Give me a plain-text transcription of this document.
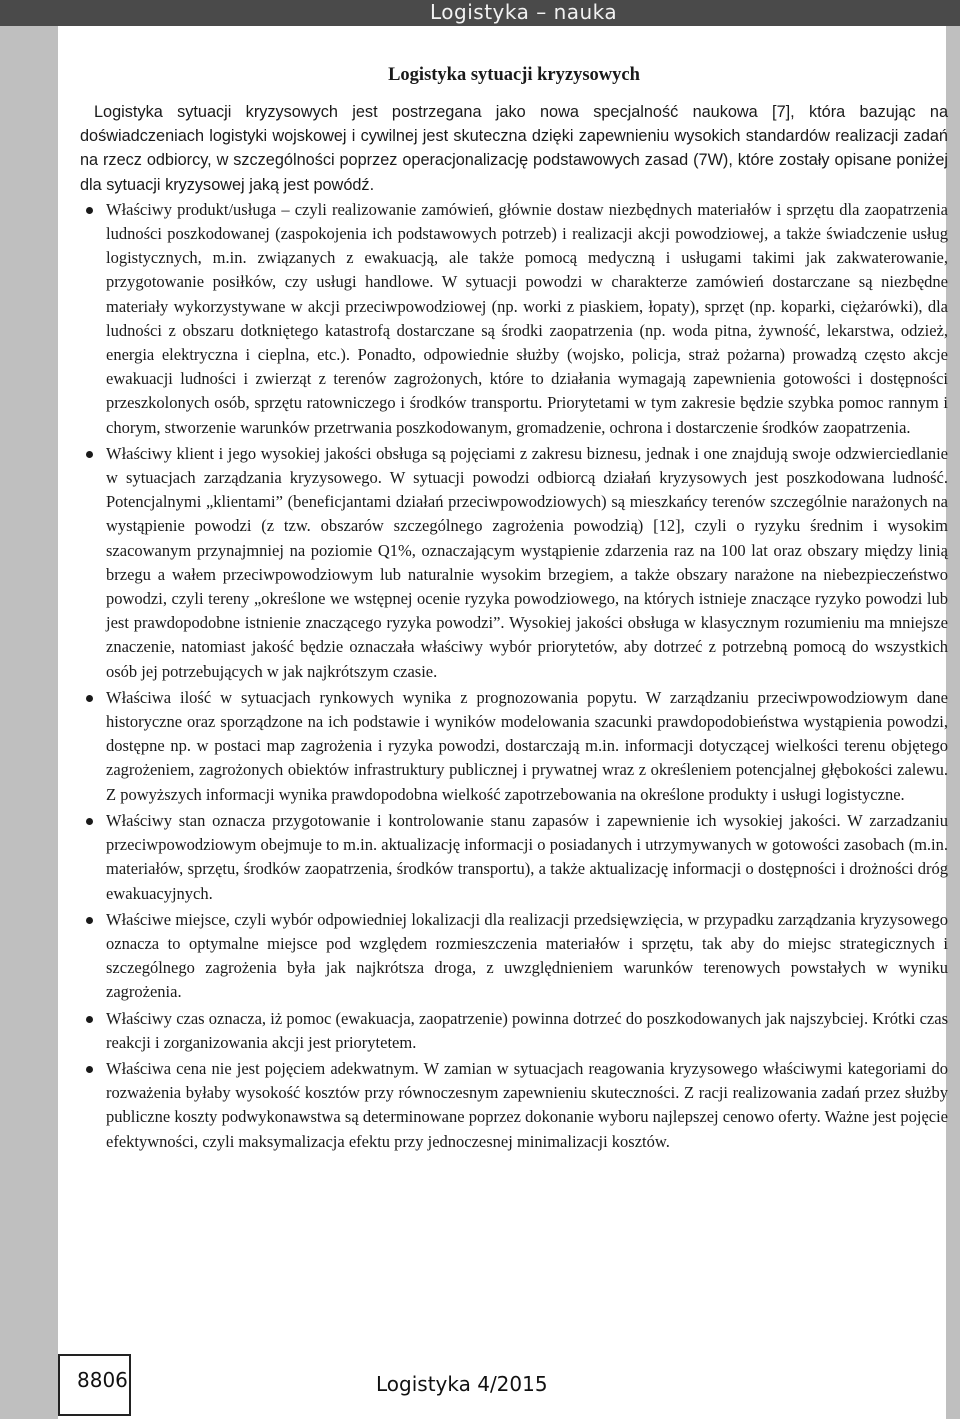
Logistyka – nauka
Logistyka sytuacji kryzysowych

Logistyka sytuacji kryzysowych jest postrzegana jako nowa specjalność naukowa [7], która bazując na doświadczeniach logistyki wojskowej i cywilnej jest skuteczna dzięki zapewnieniu wysokich standardów realizacji zadań na rzecz odbiorcy, w szczególności poprzez operacjonalizację podstawowych zasad (7W), które zostały opisane poniżej dla sytuacji kryzysowej jaką jest powódź.

Właściwy produkt/usługa – czyli realizowanie zamówień, głównie dostaw niezbędnych materiałów i sprzętu dla zaopatrzenia ludności poszkodowanej (zaspokojenia ich podstawowych potrzeb) i realizacji akcji powodziowej, a także świadczenie usług logistycznych, m.in. związanych z ewakuacją, ale także pomocą medyczną i usługami takimi jak zakwaterowanie, przygotowanie posiłków, czy usługi handlowe. W sytuacji powodzi w charakterze zamówień dostarczane są niezbędne materiały wykorzystywane w akcji przeciwpowodziowej (np. worki z piaskiem, łopaty), sprzęt (np. koparki, ciężarówki), dla ludności z obszaru dotkniętego katastrofą dostarczane są środki zaopatrzenia (np. woda pitna, żywność, lekarstwa, odzież, energia elektryczna i cieplna, etc.). Ponadto, odpowiednie służby (wojsko, policja, straż pożarna) prowadzą często akcje ewakuacji ludności i zwierząt z terenów zagrożonych, które to działania wymagają zapewnienia gotowości i dostępności przeszkolonych osób, sprzętu ratowniczego i środków transportu. Priorytetami w tym zakresie będzie szybka pomoc rannym i chorym, stworzenie warunków przetrwania poszkodowanym, gromadzenie, ochrona i dostarczenie środków zaopatrzenia.
Właściwy klient i jego wysokiej jakości obsługa są pojęciami z zakresu biznesu, jednak i one znajdują swoje odzwierciedlanie w sytuacjach zarządzania kryzysowego. W sytuacji powodzi odbiorcą działań kryzysowych jest poszkodowana ludność. Potencjalnymi „klientami” (beneficjantami działań przeciwpowodziowych) są mieszkańcy terenów szczególnie narażonych na wystąpienie powodzi (z tzw. obszarów szczególnego zagrożenia powodzią) [12], czyli o ryzyku średnim i wysokim szacowanym przynajmniej na poziomie Q1%, oznaczającym wystąpienie zdarzenia raz na 100 lat oraz obszary między linią brzegu a wałem przeciwpowodziowym lub naturalnie wysokim brzegiem, a także obszary narażone na niebezpieczeństwo powodzi, czyli tereny „określone we wstępnej ocenie ryzyka powodziowego, na których istnieje znaczące ryzyko powodzi lub jest prawdopodobne istnienie znaczącego ryzyka powodzi”. Wysokiej jakości obsługa w klasycznym rozumieniu ma mniejsze znaczenie, natomiast jakość będzie oznaczała właściwy wybór priorytetów, aby dotrzeć z potrzebną pomocą do wszystkich osób jej potrzebujących w jak najkrótszym czasie.
Właściwa ilość w sytuacjach rynkowych wynika z prognozowania popytu. W zarządzaniu przeciwpowodziowym dane historyczne oraz sporządzone na ich podstawie i wyników modelowania szacunki prawdopodobieństwa wystąpienia powodzi, dostępne np. w postaci map zagrożenia i ryzyka powodzi, dostarczają m.in. informacji dotyczącej wielkości terenu objętego zagrożeniem, zagrożonych obiektów infrastruktury publicznej i prywatnej wraz z określeniem potencjalnej głębokości zalewu. Z powyższych informacji wynika prawdopodobna wielkość zapotrzebowania na określone produkty i usługi logistyczne.
Właściwy stan oznacza przygotowanie i kontrolowanie stanu zapasów i zapewnienie ich wysokiej jakości. W zarzadzaniu przeciwpowodziowym obejmuje to m.in. aktualizację informacji o posiadanych i utrzymywanych w gotowości zasobach (m.in. materiałów, sprzętu, środków zaopatrzenia, środków transportu), a także aktualizację informacji o dostępności i drożności dróg ewakuacyjnych.
Właściwe miejsce, czyli wybór odpowiedniej lokalizacji dla realizacji przedsięwzięcia, w przypadku zarządzania kryzysowego oznacza to optymalne miejsce pod względem rozmieszczenia materiałów i sprzętu, tak aby do miejsc strategicznych i szczególnego zagrożenia była jak najkrótsza droga, z uwzględnieniem warunków terenowych powstałych w wyniku zagrożenia.
Właściwy czas oznacza, iż pomoc (ewakuacja, zaopatrzenie) powinna dotrzeć do poszkodowanych jak najszybciej. Krótki czas reakcji i zorganizowania akcji jest priorytetem.
Właściwa cena nie jest pojęciem adekwatnym. W zamian w sytuacjach reagowania kryzysowego właściwymi kategoriami do rozważenia byłaby wysokość kosztów przy równoczesnym zapewnieniu skuteczności. Z racji realizowania zadań przez służby publiczne koszty podwykonawstwa są determinowane poprzez dokonanie wyboru najlepszej cenowo oferty. Ważne jest pojęcie efektywności, czyli maksymalizacja efektu przy jednoczesnej minimalizacji kosztów.
8806	Logistyka 4/2015
